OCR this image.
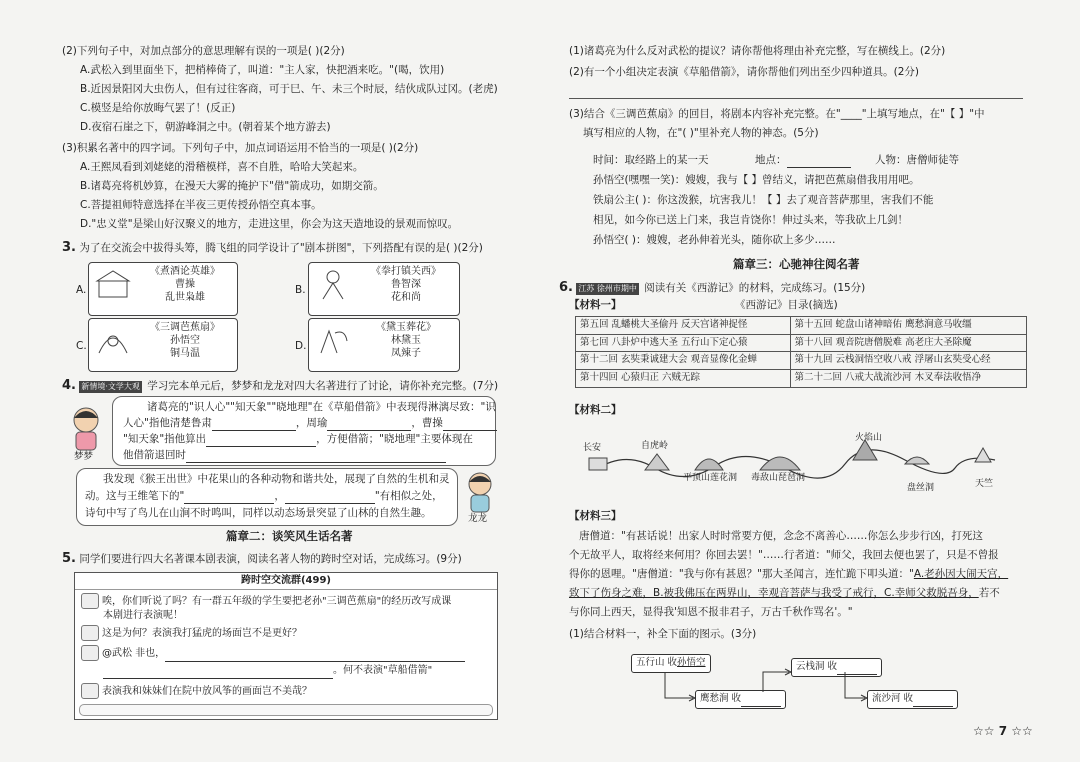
(2)下列句子中，对加点部分的意思理解有误的一项是( )(2分)
A.武松入到里面坐下，把梢棒倚了，叫道："主人家，快把酒来吃。"(喝，饮用)
B.近因景阳冈大虫伤人，但有过往客商，可于巳、午、未三个时辰，结伙成队过冈。(老虎)
C.模竖是给你放晦气罢了！(反正)
D.夜宿石崖之下，朝游峰洞之中。(朝着某个地方游去)
(3)积累名著中的四字词。下列句子中，加点词语运用不恰当的一项是( )(2分)
A.王熙凤看到刘姥姥的滑稽模样，喜不自胜，哈哈大笑起来。
B.诸葛亮将机妙算，在漫天大雾的掩护下"借"箭成功，如期交箭。
C.菩提祖师特意选择在半夜三更传授孙悟空真本事。
D."忠义堂"是梁山好汉聚义的地方，走进这里，你会为这天造地设的景观而惊叹。
3. 为了在交流会中拔得头筹，腾飞组的同学设计了"剧本拼图"，下列搭配有误的是( )(2分)
A.
《煮酒论英雄》
曹操
乱世枭雄
B.
《拳打镇关西》
鲁智深
花和尚
C.
《三调芭蕉扇》
孙悟空
铜马温
D.
《黛玉葬花》
林黛玉
凤辣子
4. 新情境·文学大观 学习完本单元后，梦梦和龙龙对四大名著进行了讨论，请你补充完整。(7分)
梦梦
诸葛亮的"识人心""知天象""晓地理"在《草船借箭》中表现得淋漓尽致："识
人心"指他清楚鲁肃	，周瑜	，曹操
"知天象"指他算出	，方便借箭；"晓地理"主要体现在
他借箭退回时
我发现《猴王出世》中花果山的各种动物和谐共处，展现了自然的生机和灵
动。这与王维笔下的"	，	"有相似之处，
诗句中写了鸟儿在山涧不时鸣叫，同样以动态场景突显了山林的自然生趣。	龙龙
篇章二：谈笑风生话名著
5. 同学们要进行四大名著课本剧表演，阅读名著人物的跨时空对话，完成练习。(9分)
跨时空交流群(499)
唉，你们听说了吗？有一群五年级的学生要把老孙"三调芭蕉扇"的经历改写成课
本剧进行表演呢！
这是为何？表演我打猛虎的场面岂不是更好？
@武松 非也，
。何不表演"草船借箭"
表演我和妹妹们在院中放风筝的画面岂不美哉？
(1)诸葛亮为什么反对武松的提议？请你帮他将理由补充完整，写在横线上。(2分)
(2)有一个小组决定表演《草船借箭》，请你帮他们列出至少四种道具。(2分)
(3)结合《三调芭蕉扇》的回目，将剧本内容补充完整。在"____"上填写地点，在"【 】"中
填写相应的人物，在"( )"里补充人物的神态。(5分)
时间：取经路上的某一天	地点：	人物：唐僧师徒等
孙悟空(嘿嘿一笑)：嫂嫂，我与【 】曾结义，请把芭蕉扇借我用用吧。
铁扇公主( )：你这泼猴，坑害我儿！【 】去了观音菩萨那里，害我们不能
相见，如今你已送上门来，我岂肯饶你！伸过头来，等我砍上几剑！
孙悟空( )：嫂嫂，老孙伸着光头，随你砍上多少……
篇章三：心驰神往阅名著
6. 江苏 徐州市期中 阅读有关《西游记》的材料，完成练习。(15分)
【材料一】	《西游记》目录(摘选)
第五回 乱蟠桃大圣偷丹 反天宫诸神捉怪	第十五回 蛇盘山诸神暗佑 鹰愁涧意马收缰
第七回 八卦炉中逃大圣 五行山下定心猿	第十八回 观音院唐僧脱难 高老庄大圣除魔
第十二回 玄奘秉诚建大会 观音显像化金蝉	第十九回 云栈洞悟空收八戒 浮屠山玄奘受心经
第十四回 心猿归正 六贼无踪	第二十二回 八戒大战流沙河 木叉奉法收悟净
【材料二】
长安	自虎岭
平顶山莲花洞 毒敌山琵琶洞
火焰山
盘丝洞	天竺
【材料三】
唐僧道："有甚话说！出家人时时常要方便，念念不离善心……你怎么步步行凶，打死这
个无故平人，取将经来何用？你回去罢！"……行者道："师父，我回去便也罢了，只是不曾报
得你的恩哩。"唐僧道："我与你有甚恩？"那大圣闻言，连忙跪下叩头道："A.老孙因大闹天宫，
致下了伤身之难，B.被我佛压在两界山，幸观音菩萨与我受了戒行，C.幸师父救脱吾身，若不
与你同上西天，显得我'知恩不报非君子，万古千秋作骂名'。"
(1)结合材料一，补全下面的图示。(3分)
五行山 收孙悟空
鹰愁涧 收
云栈洞 收
流沙河 收
☆☆ 7 ☆☆
